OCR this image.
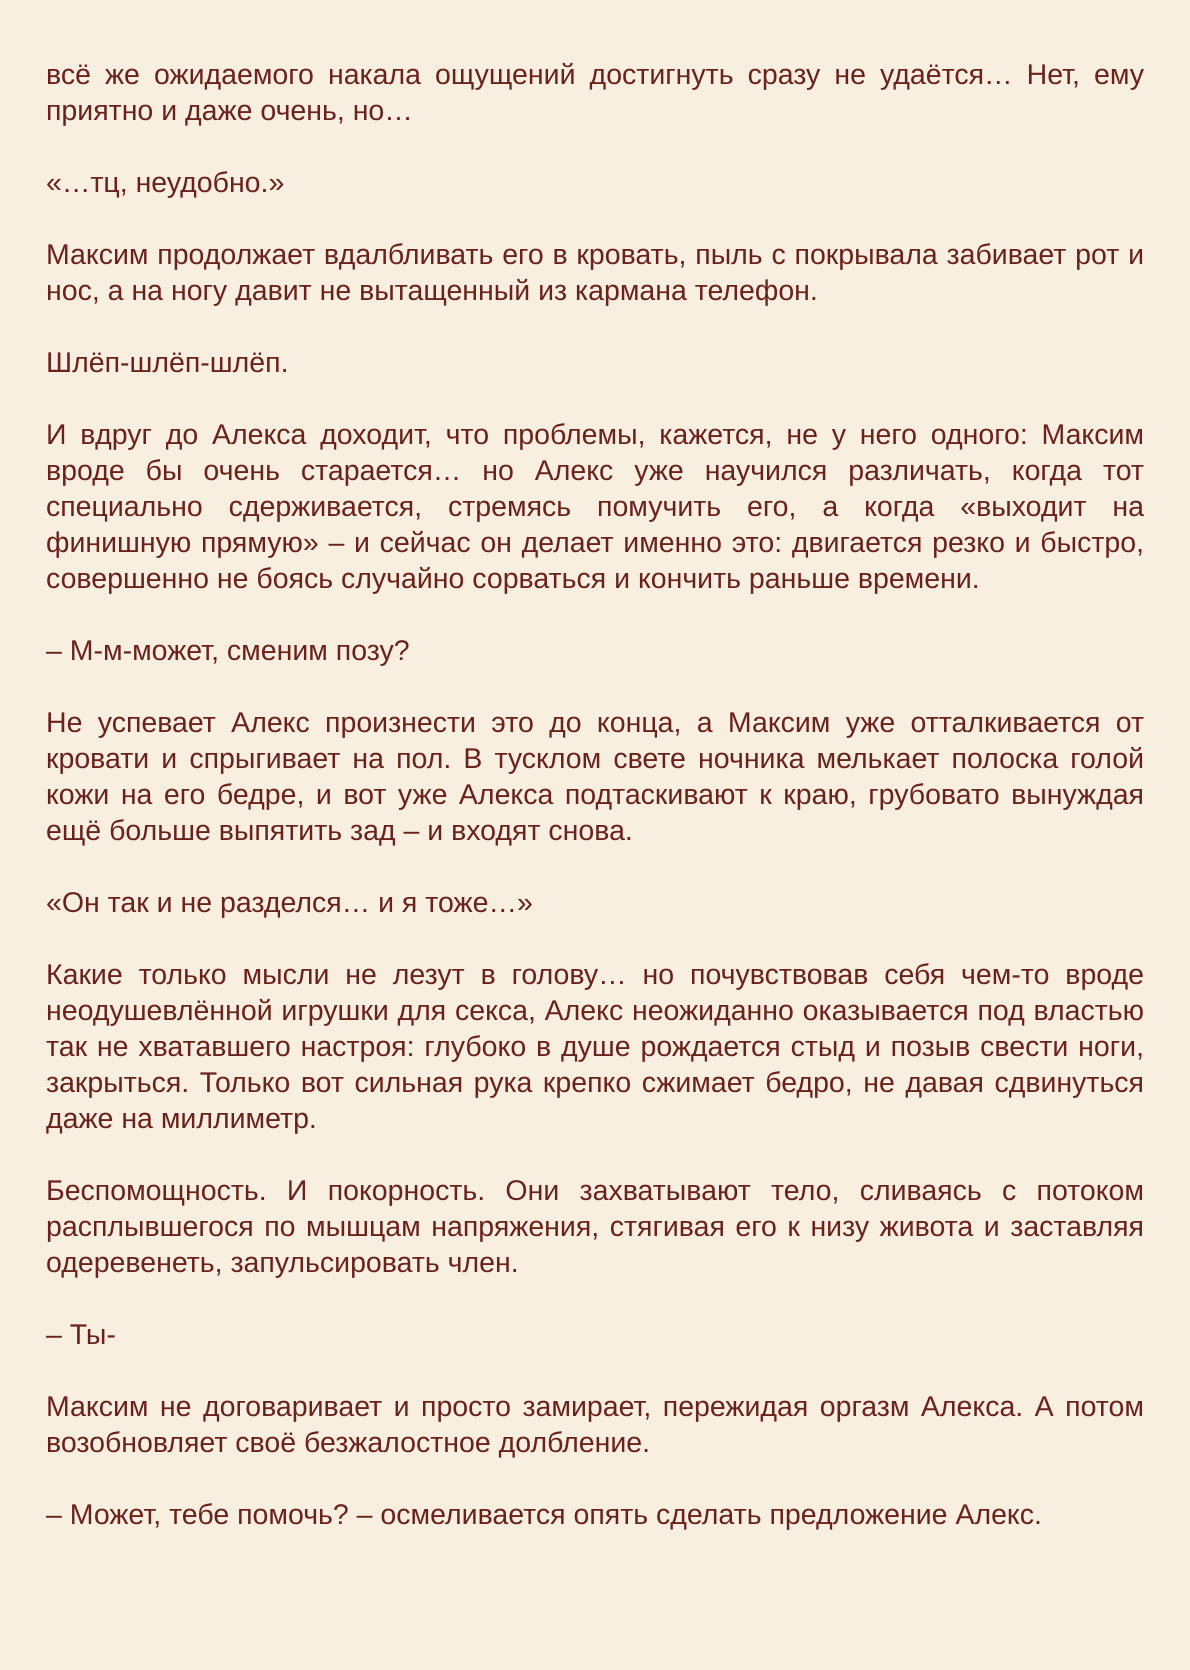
всё же ожидаемого накала ощущений достигнуть сразу не удаётся… Нет, ему приятно и даже очень, но…

«…тц, неудобно.»

Максим продолжает вдалбливать его в кровать, пыль с покрывала забивает рот и нос, а на ногу давит не вытащенный из кармана телефон.

Шлёп-шлёп-шлёп.

И вдруг до Алекса доходит, что проблемы, кажется, не у него одного: Максим вроде бы очень старается… но Алекс уже научился различать, когда тот специально сдерживается, стремясь помучить его, а когда «выходит на финишную прямую» – и сейчас он делает именно это: двигается резко и быстро, совершенно не боясь случайно сорваться и кончить раньше времени.

– М-м-может, сменим позу?

Не успевает Алекс произнести это до конца, а Максим уже отталкивается от кровати и спрыгивает на пол. В тусклом свете ночника мелькает полоска голой кожи на его бедре, и вот уже Алекса подтаскивают к краю, грубовато вынуждая ещё больше выпятить зад – и входят снова.

«Он так и не разделся… и я тоже…»

Какие только мысли не лезут в голову… но почувствовав себя чем-то вроде неодушевлённой игрушки для секса, Алекс неожиданно оказывается под властью так не хватавшего настроя: глубоко в душе рождается стыд и позыв свести ноги, закрыться. Только вот сильная рука крепко сжимает бедро, не давая сдвинуться даже на миллиметр.

Беспомощность. И покорность. Они захватывают тело, сливаясь с потоком расплывшегося по мышцам напряжения, стягивая его к низу живота и заставляя одеревенеть, запульсировать член.

– Ты-

Максим не договаривает и просто замирает, пережидая оргазм Алекса. А потом возобновляет своё безжалостное долбление.

– Может, тебе помочь? – осмеливается опять сделать предложение Алекс.
